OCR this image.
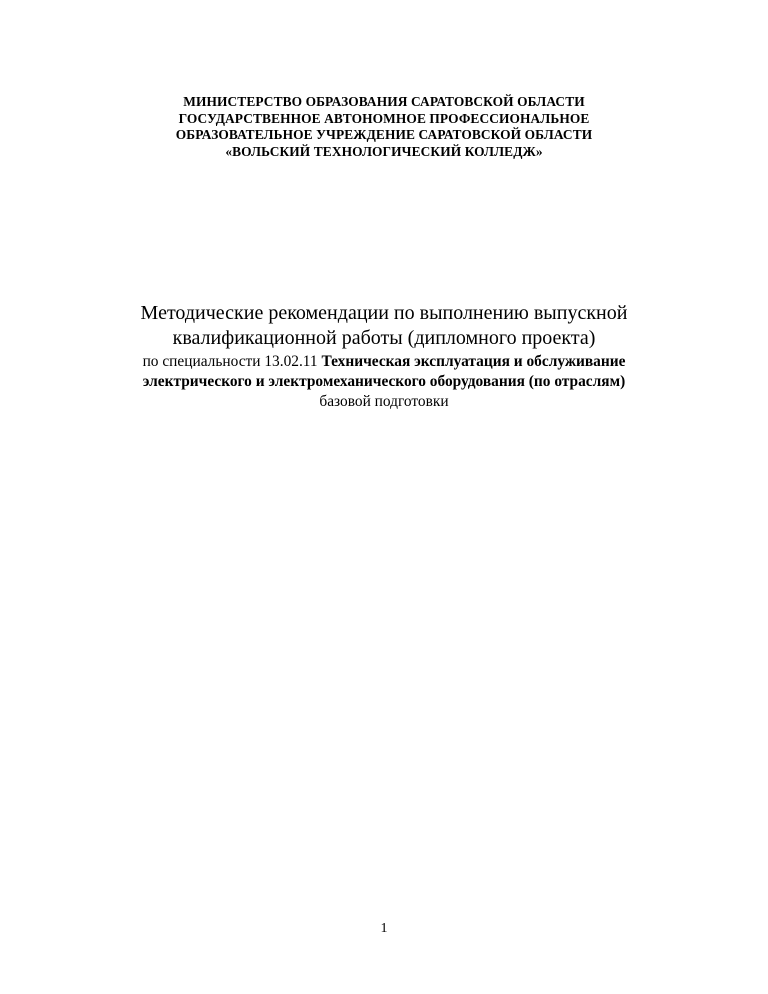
МИНИСТЕРСТВО ОБРАЗОВАНИЯ САРАТОВСКОЙ ОБЛАСТИ
ГОСУДАРСТВЕННОЕ АВТОНОМНОЕ ПРОФЕССИОНАЛЬНОЕ
ОБРАЗОВАТЕЛЬНОЕ УЧРЕЖДЕНИЕ САРАТОВСКОЙ ОБЛАСТИ
«ВОЛЬСКИЙ ТЕХНОЛОГИЧЕСКИЙ КОЛЛЕДЖ»
Методические рекомендации по выполнению выпускной
квалификационной работы (дипломного проекта)
по специальности 13.02.11 Техническая эксплуатация и обслуживание
электрического и электромеханического оборудования (по отраслям)
базовой подготовки
1
